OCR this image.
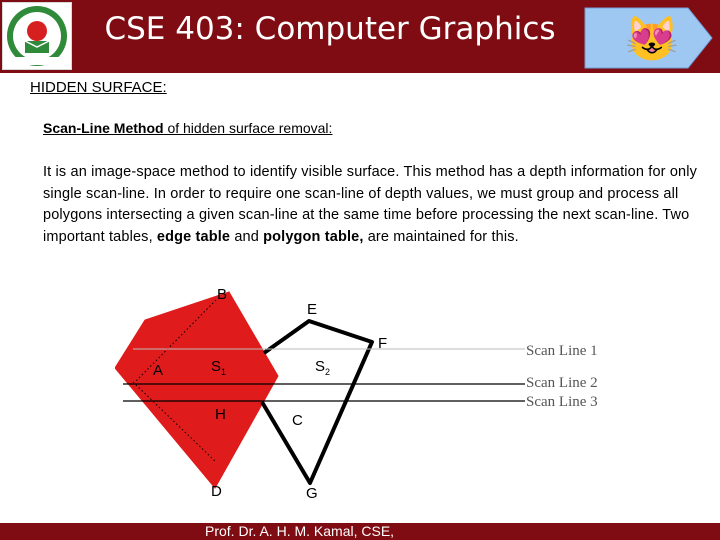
CSE 403: Computer Graphics	😻
HIDDEN SURFACE:
Scan-Line Method of hidden surface removal:
It is an image-space method to identify visible surface. This method has a depth information for only single scan-line. In order to require one scan-line of depth values, we must group and process all polygons intersecting a given scan-line at the same time before processing the next scan-line. Two important tables, edge table and polygon table, are maintained for this.
B
E
F
A	$S_1$	$S_2$
H	C
D	G
Scan Line 1
Scan Line 2
Scan Line 3
Prof. Dr. A. H. M. Kamal, CSE,
